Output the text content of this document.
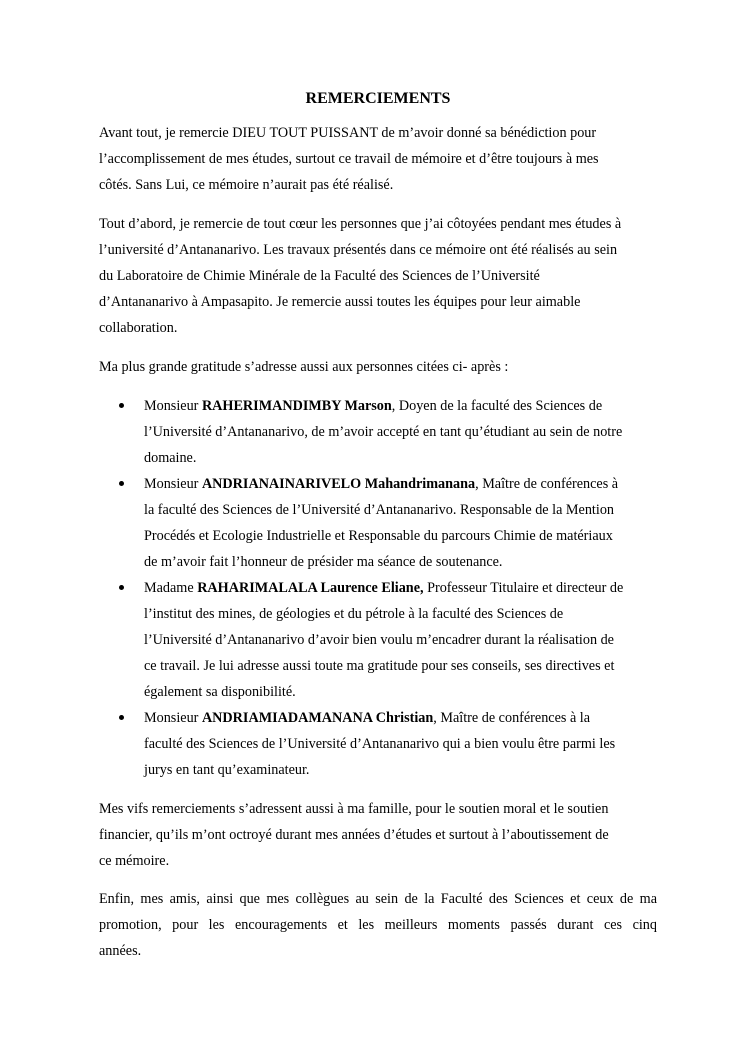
REMERCIEMENTS

Avant tout, je remercie DIEU TOUT PUISSANT de m’avoir donné sa bénédiction pour
l’accomplissement de mes études, surtout ce travail de mémoire et d’être toujours à mes
côtés. Sans Lui, ce mémoire n’aurait pas été réalisé.

Tout d’abord, je remercie de tout cœur les personnes que j’ai côtoyées pendant mes études à
l’université d’Antananarivo. Les travaux présentés dans ce mémoire ont été réalisés au sein
du Laboratoire de Chimie Minérale de la Faculté des Sciences de l’Université
d’Antananarivo à Ampasapito. Je remercie aussi toutes les équipes pour leur aimable
collaboration.

Ma plus grande gratitude s’adresse aussi aux personnes citées ci- après :

Monsieur RAHERIMANDIMBY Marson, Doyen de la faculté des Sciences de
l’Université d’Antananarivo, de m’avoir accepté en tant qu’étudiant au sein de notre
domaine.
Monsieur ANDRIANAINARIVELO Mahandrimanana, Maître de conférences à
la faculté des Sciences de l’Université d’Antananarivo. Responsable de la Mention
Procédés et Ecologie Industrielle et Responsable du parcours Chimie de matériaux
de m’avoir fait l’honneur de présider ma séance de soutenance.
Madame RAHARIMALALA Laurence Eliane, Professeur Titulaire et directeur de
l’institut des mines, de géologies et du pétrole à la faculté des Sciences de
l’Université d’Antananarivo d’avoir bien voulu m’encadrer durant la réalisation de
ce travail. Je lui adresse aussi toute ma gratitude pour ses conseils, ses directives et
également sa disponibilité.
Monsieur ANDRIAMIADAMANANA Christian, Maître de conférences à la
faculté des Sciences de l’Université d’Antananarivo qui a bien voulu être parmi les
jurys en tant qu’examinateur.

Mes vifs remerciements s’adressent aussi à ma famille, pour le soutien moral et le soutien
financier, qu’ils m’ont octroyé durant mes années d’études et surtout à l’aboutissement de
ce mémoire.

Enfin, mes amis, ainsi que mes collègues au sein de la Faculté des Sciences et ceux de ma
promotion, pour les encouragements et les meilleurs moments passés durant ces cinq
années.
